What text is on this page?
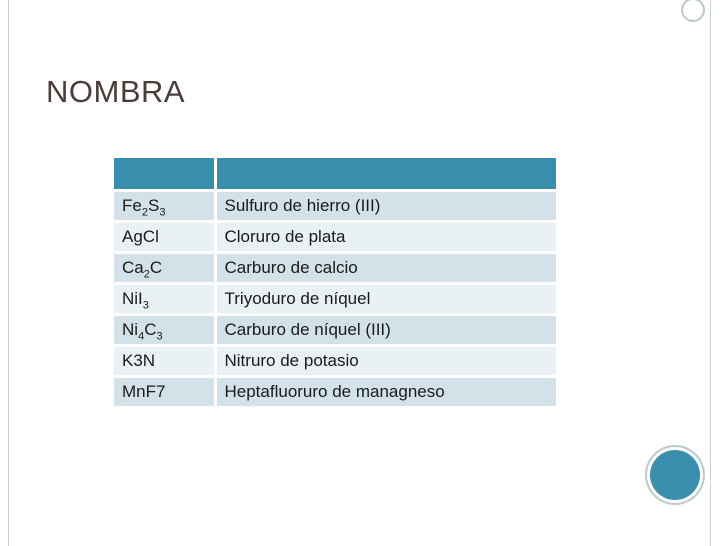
NOMBRA

$Fe_2S_3$	Sulfuro de hierro (III)
AgCl	Cloruro de plata
$Ca_2C$	Carburo de calcio
NiI$_3$	Triyoduro de níquel
$Ni_4C_3$	Carburo de níquel (III)
K3N	Nitruro de potasio
MnF7	Heptafluoruro de managneso
